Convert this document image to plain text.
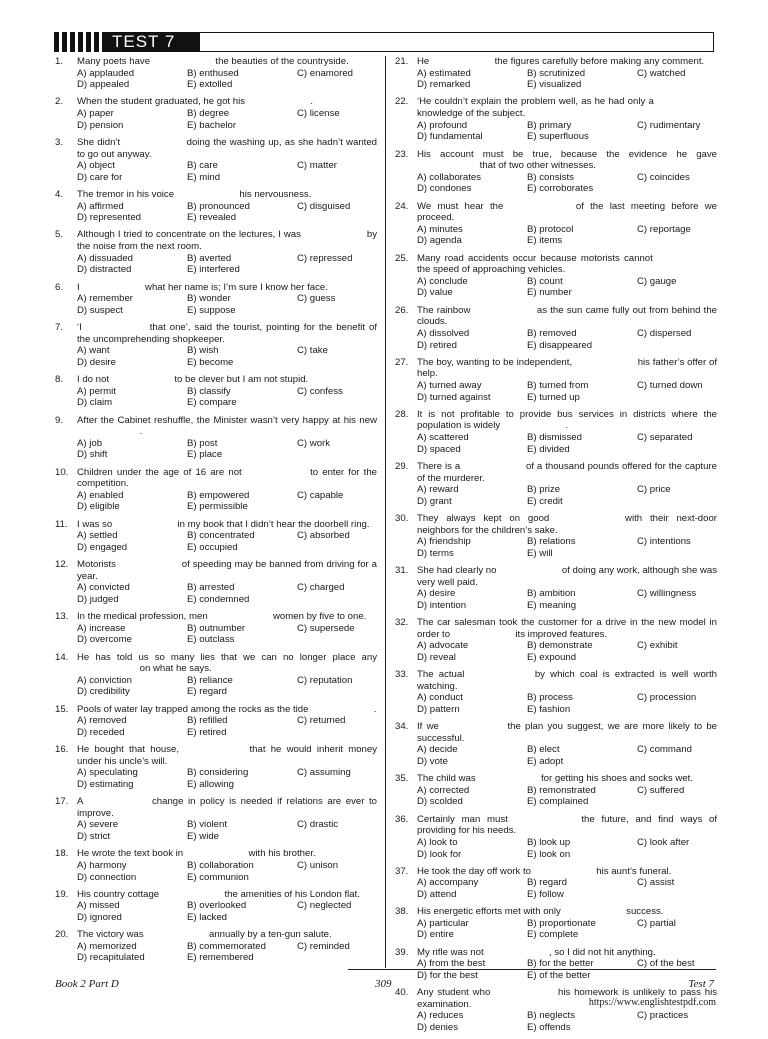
TEST 7
1. Many poets have	the beauties of the countryside.
A) applauded	B) enthused	C) enamored
D) appealed	E) extolled
2. When the student graduated, he got his	.
A) paper	B) degree	C) license
D) pension	E) bachelor
3. She didn’t	doing the washing up, as she hadn’t wanted to go out anyway.
A) object	B) care	C) matter
D) care for	E) mind
4. The tremor in his voice	his nervousness.
A) affirmed	B) pronounced	C) disguised
D) represented	E) revealed
5. Although I tried to concentrate on the lectures, I was	by the noise from the next room.
A) dissuaded	B) averted	C) repressed
D) distracted	E) interfered
6. I	what her name is; I’m sure I know her face.
A) remember	B) wonder	C) guess
D) suspect	E) suppose
7. ‘I	that one’, said the tourist, pointing for the benefit of the uncomprehending shopkeeper.
A) want	B) wish	C) take
D) desire	E) become
8. I do not	to be clever but I am not stupid.
A) permit	B) classify	C) confess
D) claim	E) compare
9. After the Cabinet reshuffle, the Minister wasn’t very happy at his new  .
A) job	B) post	C) work
D) shift	E) place
10. Children under the age of 16 are not	to enter for the competition.
A) enabled	B) empowered	C) capable
D) eligible	E) permissible
11. I was so	in my book that I didn’t hear the doorbell ring.
A) settled	B) concentrated	C) absorbed
D) engaged	E) occupied
12. Motorists	of speeding may be banned from driving for a year.
A) convicted	B) arrested	C) charged
D) judged	E) condemned
13. In the medical profession, men	women by five to one.
A) increase	B) outnumber	C) supersede
D) overcome	E) outclass
14. He has told us so many lies that we can no longer place any  on what he says.
A) conviction	B) reliance	C) reputation
D) credibility	E) regard
15. Pools of water lay trapped among the rocks as the tide	.
A) removed	B) refilled	C) returned
D) receded	E) retired
16. He bought that house,	that he would inherit money under his uncle’s will.
A) speculating	B) considering	C) assuming
D) estimating	E) allowing
17. A	change in policy is needed if relations are ever to improve.
A) severe	B) violent	C) drastic
D) strict	E) wide
18. He wrote the text book in	with his brother.
A) harmony	B) collaboration	C) unison
D) connection	E) communion
19. His country cottage	the amenities of his London flat.
A) missed	B) overlooked	C) neglected
D) ignored	E) lacked
20. The victory was	annually by a ten-gun salute.
A) memorized	B) commemorated	C) reminded
D) recapitulated	E) remembered
21. He	the figures carefully before making any comment.
A) estimated	B) scrutinized	C) watched
D) remarked	E) visualized
22. ‘He couldn’t explain the problem well, as he had only a  knowledge of the subject.
A) profound	B) primary	C) rudimentary
D) fundamental	E) superfluous
23. His account must be true, because the evidence he gave  that of two other witnesses.
A) collaborates	B) consists	C) coincides
D) condones	E) corroborates
24. We must hear the	of the last meeting before we proceed.
A) minutes	B) protocol	C) reportage
D) agenda	E) items
25. Many road accidents occur because motorists cannot  the speed of approaching vehicles.
A) conclude	B) count	C) gauge
D) value	E) number
26. The rainbow	as the sun came fully out from behind the clouds.
A) dissolved	B) removed	C) dispersed
D) retired	E) disappeared
27. The boy, wanting to be independent,	his father’s offer of help.
A) turned away	B) turned from	C) turned down
D) turned against	E) turned up
28. It is not profitable to provide bus services in districts where the population is widely	.
A) scattered	B) dismissed	C) separated
D) spaced	E) divided
29. There is a	of a thousand pounds offered for the capture of the murderer.
A) reward	B) prize	C) price
D) grant	E) credit
30. They always kept on good	with their next-door neighbors for the children’s sake.
A) friendship	B) relations	C) intentions
D) terms	E) will
31. She had clearly no	of doing any work, although she was very well paid.
A) desire	B) ambition	C) willingness
D) intention	E) meaning
32. The car salesman took the customer for a drive in the new model in order to	its improved features.
A) advocate	B) demonstrate	C) exhibit
D) reveal	E) expound
33. The actual	by which coal is extracted is well worth watching.
A) conduct	B) process	C) procession
D) pattern	E) fashion
34. If we	the plan you suggest, we are more likely to be successful.
A) decide	B) elect	C) command
D) vote	E) adopt
35. The child was	for getting his shoes and socks wet.
A) corrected	B) remonstrated	C) suffered
D) scolded	E) complained
36. Certainly man must	the future, and find ways of providing for his needs.
A) look to	B) look up	C) look after
D) look for	E) look on
37. He took the day off work to	his aunt’s funeral.
A) accompany	B) regard	C) assist
D) attend	E) follow
38. His energetic efforts met with only	success.
A) particular	B) proportionate	C) partial
D) entire	E) complete
39. My rifle was not	, so I did not hit anything.
A) from the best	B) for the better	C) of the best
D) for the best	E) of the better
40. Any student who	his homework is unlikely to pass his examination.
A) reduces	B) neglects	C) practices
D) denies	E) offends
Book 2 Part D	309	Test 7
https://www.englishtestpdf.com
